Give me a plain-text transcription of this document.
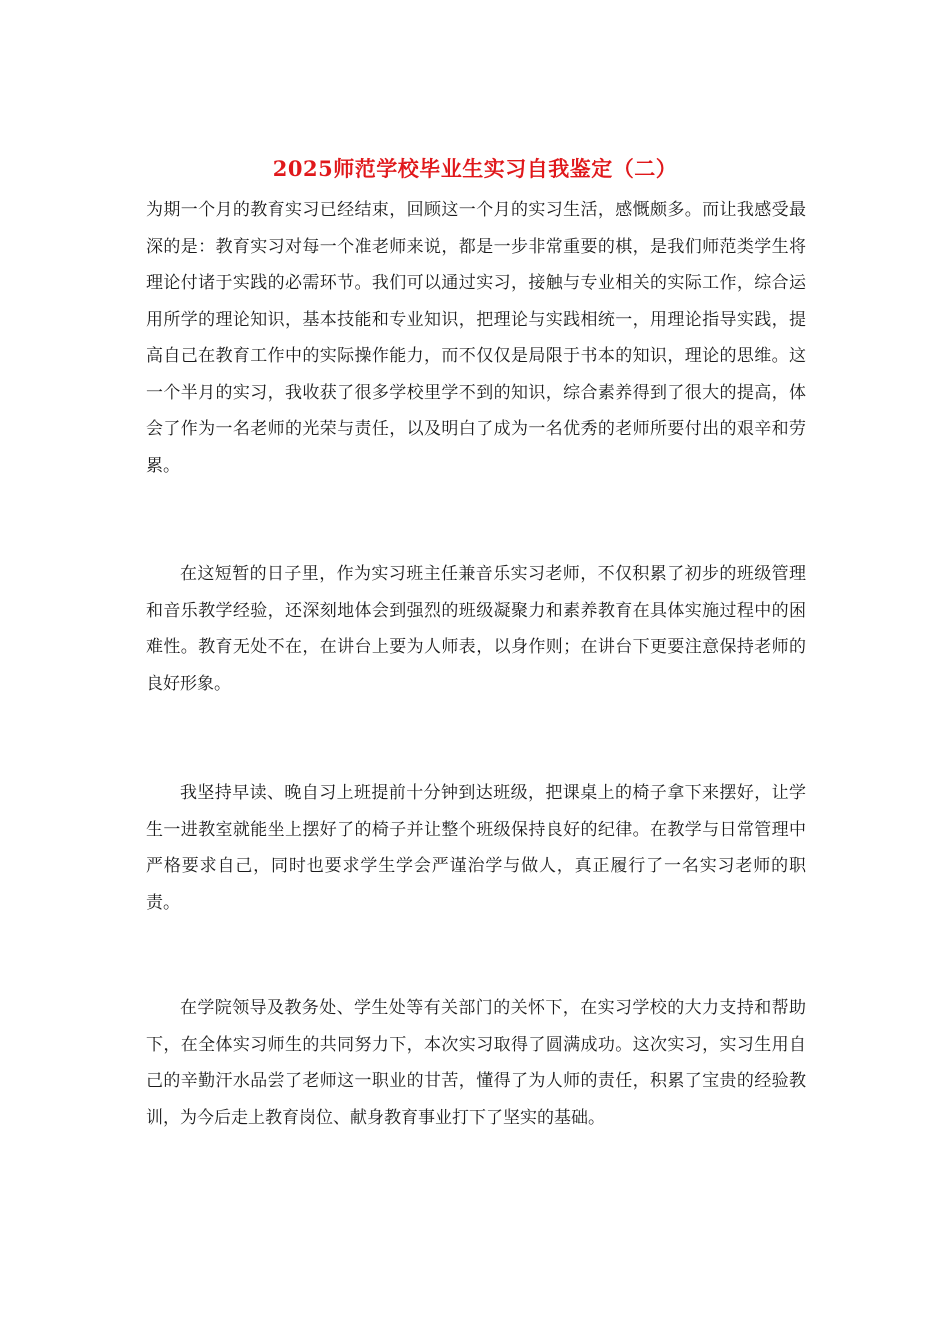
2025师范学校毕业生实习自我鉴定（二）
为期一个月的教育实习已经结束，回顾这一个月的实习生活，感慨颇多。而让我感受最深的是：教育实习对每一个准老师来说，都是一步非常重要的棋，是我们师范类学生将理论付诸于实践的必需环节。我们可以通过实习，接触与专业相关的实际工作，综合运用所学的理论知识，基本技能和专业知识，把理论与实践相统一，用理论指导实践，提高自己在教育工作中的实际操作能力，而不仅仅是局限于书本的知识，理论的思维。这一个半月的实习，我收获了很多学校里学不到的知识，综合素养得到了很大的提高，体会了作为一名老师的光荣与责任，以及明白了成为一名优秀的老师所要付出的艰辛和劳累。
在这短暂的日子里，作为实习班主任兼音乐实习老师，不仅积累了初步的班级管理和音乐教学经验，还深刻地体会到强烈的班级凝聚力和素养教育在具体实施过程中的困难性。教育无处不在，在讲台上要为人师表，以身作则；在讲台下更要注意保持老师的良好形象。
我坚持早读、晚自习上班提前十分钟到达班级，把课桌上的椅子拿下来摆好，让学生一进教室就能坐上摆好了的椅子并让整个班级保持良好的纪律。在教学与日常管理中严格要求自己，同时也要求学生学会严谨治学与做人，真正履行了一名实习老师的职责。
在学院领导及教务处、学生处等有关部门的关怀下，在实习学校的大力支持和帮助下，在全体实习师生的共同努力下，本次实习取得了圆满成功。这次实习，实习生用自己的辛勤汗水品尝了老师这一职业的甘苦，懂得了为人师的责任，积累了宝贵的经验教训，为今后走上教育岗位、献身教育事业打下了坚实的基础。
